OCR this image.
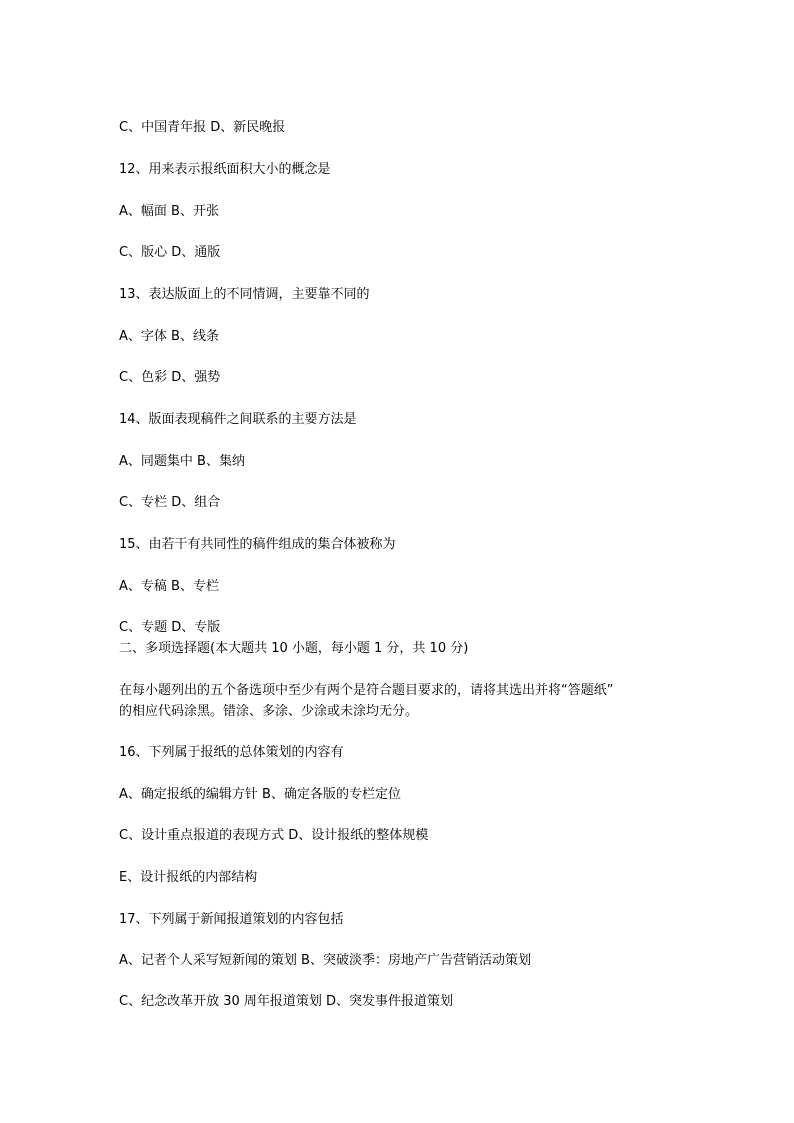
C、中国青年报 D、新民晚报
12、用来表示报纸面积大小的概念是
A、幅面 B、开张
C、版心 D、通版
13、表达版面上的不同情调，主要靠不同的
A、字体 B、线条
C、色彩 D、强势
14、版面表现稿件之间联系的主要方法是
A、同题集中 B、集纳
C、专栏 D、组合
15、由若干有共同性的稿件组成的集合体被称为
A、专稿 B、专栏
C、专题 D、专版
二、多项选择题(本大题共 10 小题，每小题 1 分，共 10 分)
在每小题列出的五个备选项中至少有两个是符合题目要求的，请将其选出并将“答题纸”
的相应代码涂黑。错涂、多涂、少涂或未涂均无分。
16、下列属于报纸的总体策划的内容有
A、确定报纸的编辑方针 B、确定各版的专栏定位
C、设计重点报道的表现方式 D、设计报纸的整体规模
E、设计报纸的内部结构
17、下列属于新闻报道策划的内容包括
A、记者个人采写短新闻的策划 B、突破淡季：房地产广告营销活动策划
C、纪念改革开放 30 周年报道策划 D、突发事件报道策划
